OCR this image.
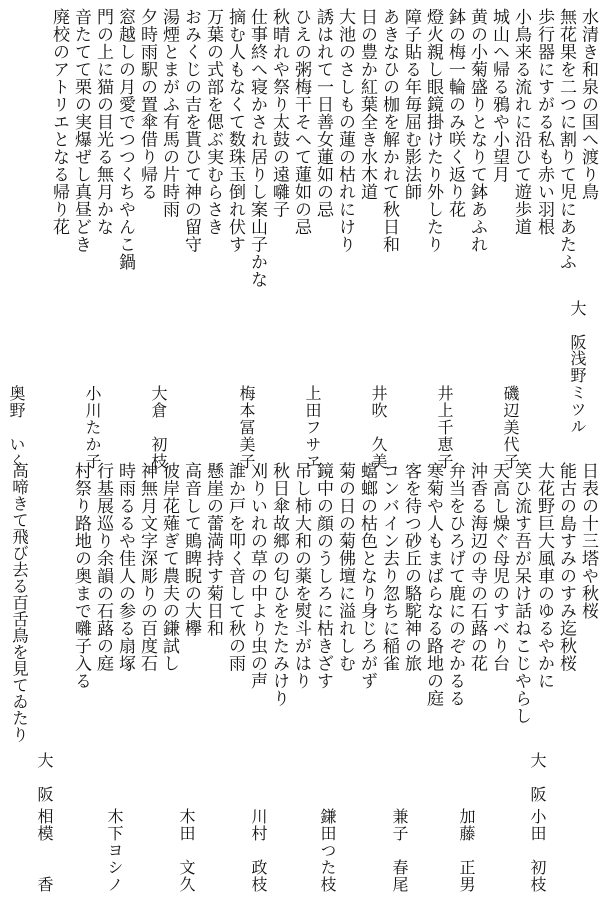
水清き和泉の国へ渡り鳥
無花果を二つに割りて児にあたふ
歩行器にすがる私も赤い羽根
小鳥来る流れに沿ひて遊歩道
城山へ帰る鴉や小望月
黄の小菊盛りとなりて鉢あふれ
鉢の梅一輪のみ咲く返り花
燈火親し眼鏡掛けたり外したり
障子貼る年毎屈む影法師
あきなひの枷を解かれて秋日和
日の豊か紅葉全き水木道
大池のさしもの蓮の枯れにけり
誘はれて一日善女蓮如の忌
ひえの粥梅干そへて蓮如の忌
秋晴れや祭り太鼓の遠囃子
仕事終へ寝かされ居りし案山子かな
摘む人もなくて数珠玉倒れ伏す
万葉の式部を偲ぶ実むらさき
おみくじの吉を貰ひて神の留守
湯煙とまがふ有馬の片時雨
夕時雨駅の置傘借り帰る
窓越しの月愛でつつくちやんこ鍋
門の上に猫の目光る無月かな
音たてて栗の実爆ぜし真昼どき
廃校のアトリエとなる帰り花
大　阪
浅野ミツル
磯辺美代子
井上千恵子
井吹　久美
上田フサヱ
梅本冨美子
大倉　初枝
小川たか子
奥野　いく
日表の十三塔や秋桜
能古の島すみのすみ迄秋桜
大花野巨大風車のゆるやかに
笑ひ流す吾が呆け話ねこじやらし
天高し燥ぐ母児のすべり台
沖香る海辺の寺の石蕗の花
弁当をひろげて鹿にのぞかるる
寒菊や人もまばらなる路地の庭
客を待つ砂丘の駱駝神の旅
コンバイン去り忽ちに稲雀
蟷螂の枯色となり身じろがず
菊の日の菊佛壇に溢れしむ
鏡中の顔のうしろに枯きざす
吊し柿大和の薬を熨斗がはり
秋日傘故郷の匂ひをたたみけり
刈りいれの草の中より虫の声
誰か戸を叩く音して秋の雨
懸崖の蕾満持す菊日和
高音して鵙睥睨の大欅
彼岸花薙ぎて農夫の鎌試し
神無月文字深彫りの百度石
時雨るるや佳人の参る扇塚
行基展巡り余韻の石蕗の庭
村祭り路地の奥まで囃子入る
高啼きて飛び去る百舌鳥を見てゐたり
大　阪
小田　初枝
加藤　正男
兼子　春尾
鎌田つた枝
川村　政枝
木田　文久
木下ヨシノ
大　阪
相模　　香
